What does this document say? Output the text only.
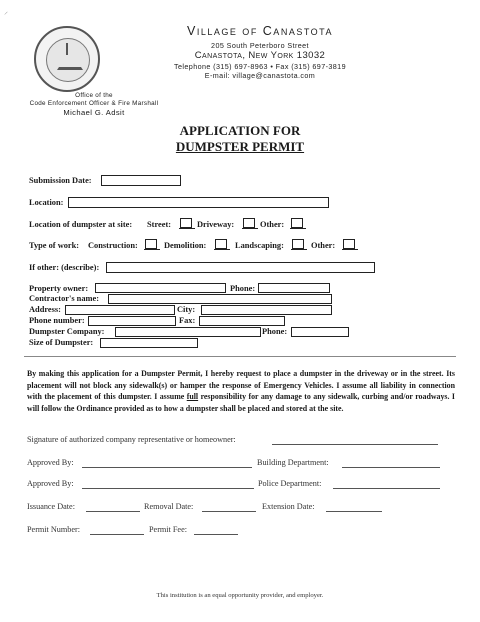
⸝
Village of Canastota
205 South Peterboro Street
Canastota, New York 13032
Telephone (315) 697-8963 • Fax (315) 697-3819
E-mail: village@canastota.com
Office of the
Code Enforcement Officer & Fire Marshall
Michael G. Adsit
APPLICATION FOR
DUMPSTER PERMIT
Submission Date:
Location:
Location of dumpster at site: Street:	Driveway:	Other:
Type of work: Construction:	Demolition:	Landscaping:	Other:
If other: (describe):
Property owner:	Phone:
Contractor's name:
Address:	City:
Phone number:	Fax:
Dumpster Company:	Phone:
Size of Dumpster:
By making this application for a Dumpster Permit, I hereby request to place a dumpster in the driveway or in the street. Its placement will not block any sidewalk(s) or hamper the response of Emergency Vehicles. I assume all liability in connection with the placement of this dumpster. I assume full responsibility for any damage to any sidewalk, curbing and/or roadways. I will follow the Ordinance provided as to how a dumpster shall be placed and stored at the site.
Signature of authorized company representative or homeowner:
Approved By:	Building Department:
Approved By:	Police Department:
Issuance Date:	Removal Date:	Extension Date:
Permit Number:	Permit Fee:
This institution is an equal opportunity provider, and employer.
